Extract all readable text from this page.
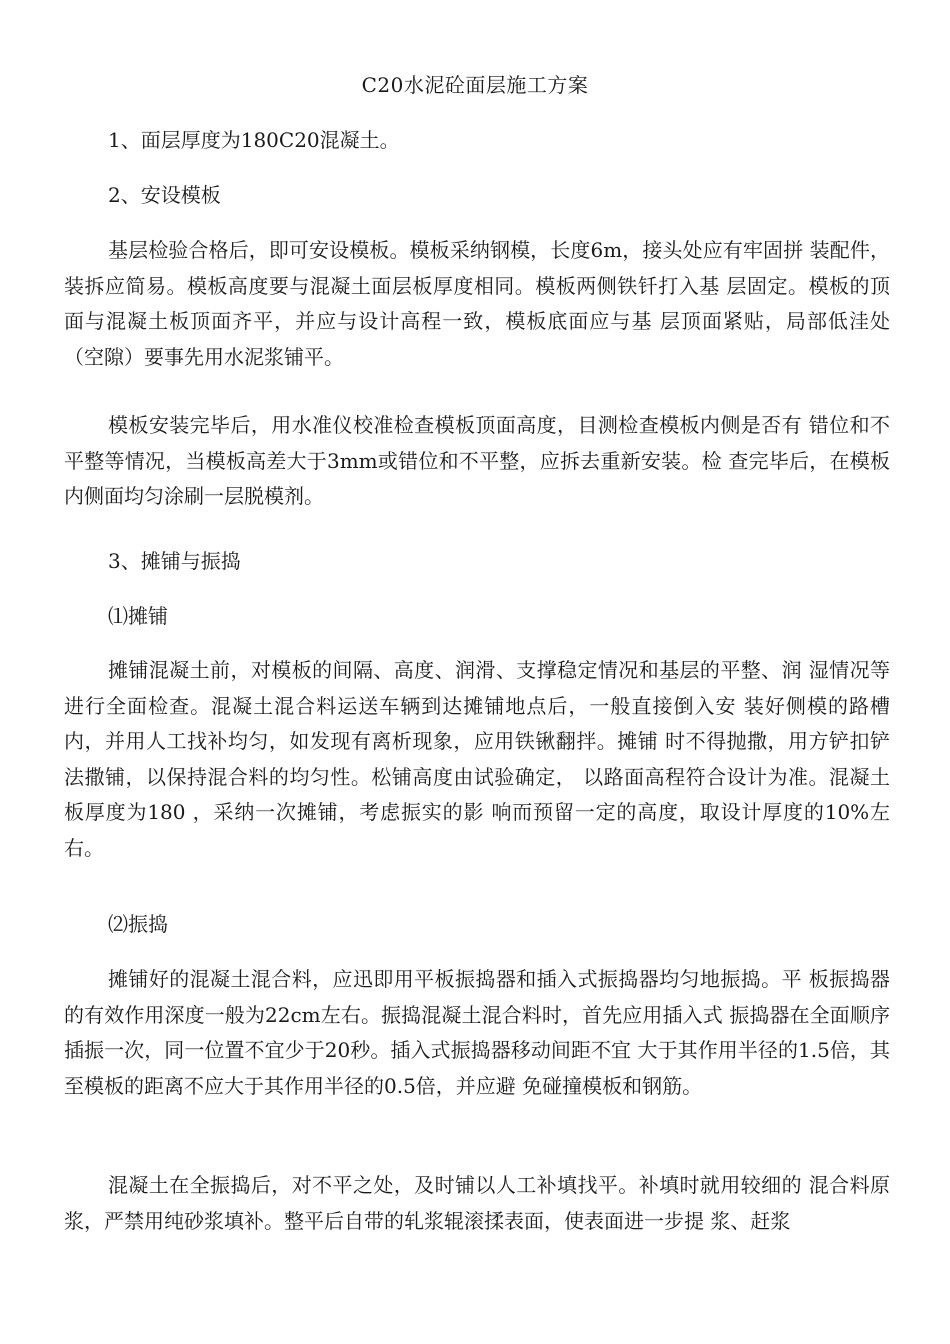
C20水泥砼面层施工方案
1、面层厚度为180C20混凝土。
2、安设模板
基层检验合格后，即可安设模板。模板采纳钢模，长度6m，接头处应有牢固拼 装配件，装拆应简易。模板高度要与混凝土面层板厚度相同。模板两侧铁钎打入基 层固定。模板的顶面与混凝土板顶面齐平，并应与设计高程一致，模板底面应与基 层顶面紧贴，局部低洼处（空隙）要事先用水泥浆铺平。
模板安装完毕后，用水准仪校准检查模板顶面高度，目测检查模板内侧是否有 错位和不平整等情况，当模板高差大于3mm或错位和不平整，应拆去重新安装。检 查完毕后，在模板内侧面均匀涂刷一层脱模剂。
3、摊铺与振捣
⑴摊铺
摊铺混凝土前，对模板的间隔、高度、润滑、支撑稳定情况和基层的平整、润 湿情况等进行全面检查。混凝土混合料运送车辆到达摊铺地点后，一般直接倒入安 装好侧模的路槽内，并用人工找补均匀，如发现有离析现象，应用铁锹翻拌。摊铺 时不得抛撒，用方铲扣铲法撒铺，以保持混合料的均匀性。松铺高度由试验确定， 以路面高程符合设计为准。混凝土板厚度为180 ，采纳一次摊铺，考虑振实的影 响而预留一定的高度，取设计厚度的10%左右。
⑵振捣
摊铺好的混凝土混合料，应迅即用平板振捣器和插入式振捣器均匀地振捣。平 板振捣器的有效作用深度一般为22cm左右。振捣混凝土混合料时，首先应用插入式 振捣器在全面顺序插振一次，同一位置不宜少于20秒。插入式振捣器移动间距不宜 大于其作用半径的1.5倍，其至模板的距离不应大于其作用半径的0.5倍，并应避 免碰撞模板和钢筋。
混凝土在全振捣后，对不平之处，及时铺以人工补填找平。补填时就用较细的 混合料原浆，严禁用纯砂浆填补。整平后自带的轧浆辊滚揉表面，使表面进一步提 浆、赶浆
